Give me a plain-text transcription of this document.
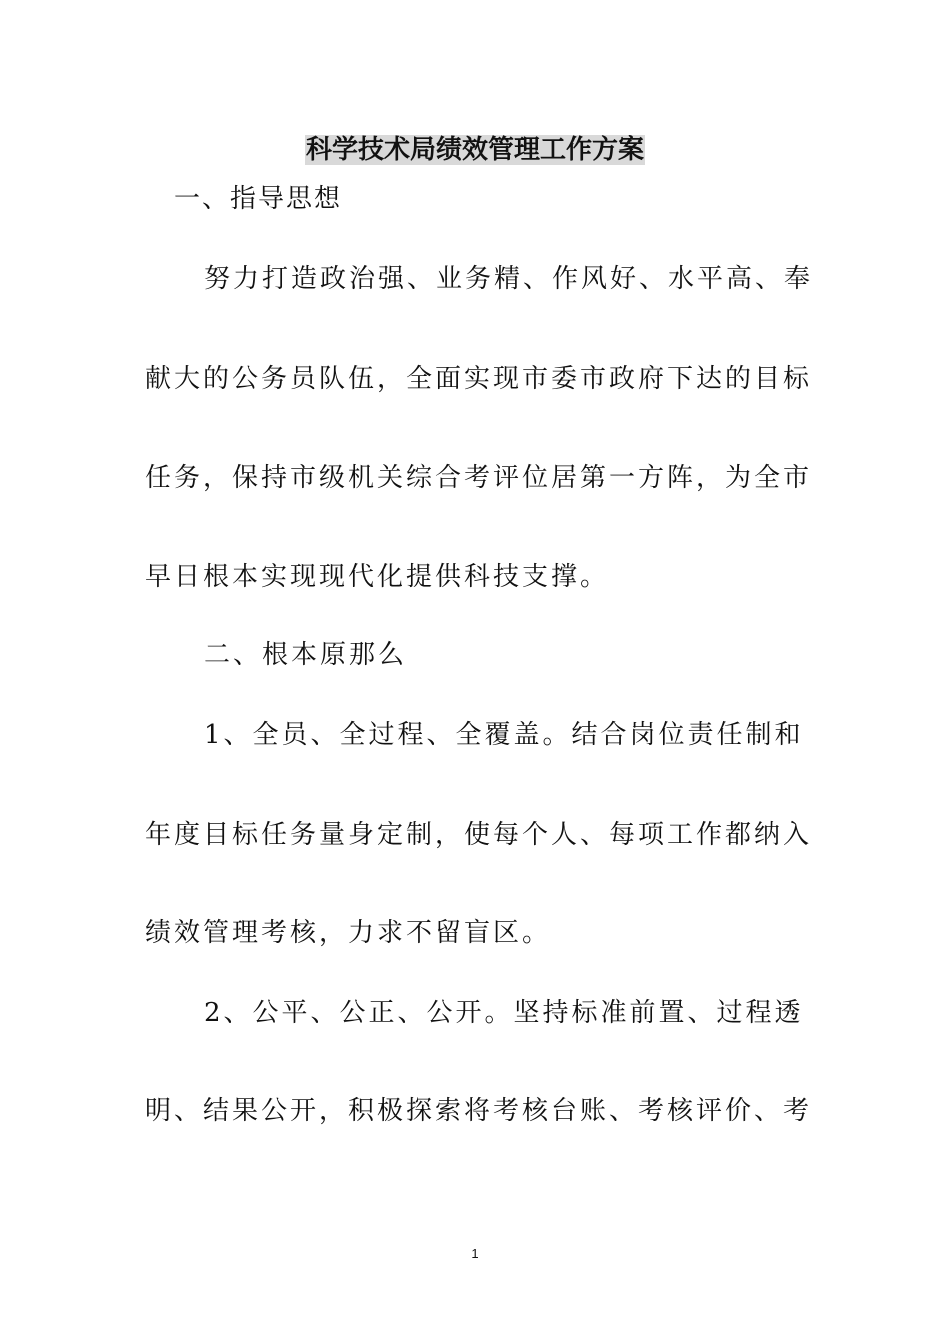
科学技术局绩效管理工作方案
一、指导思想
努力打造政治强、业务精、作风好、水平高、奉
献大的公务员队伍，全面实现市委市政府下达的目标
任务，保持市级机关综合考评位居第一方阵，为全市
早日根本实现现代化提供科技支撑。
二、根本原那么
1、全员、全过程、全覆盖。结合岗位责任制和
年度目标任务量身定制，使每个人、每项工作都纳入
绩效管理考核，力求不留盲区。
2、公平、公正、公开。坚持标准前置、过程透
明、结果公开，积极探索将考核台账、考核评价、考
1
